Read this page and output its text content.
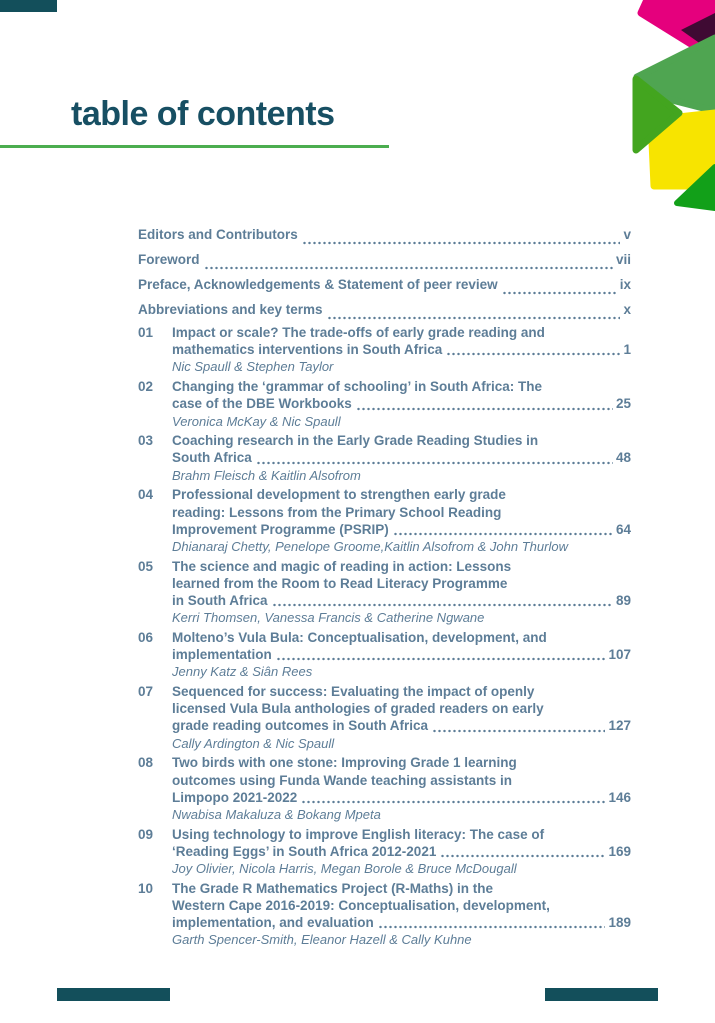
table of contents
Editors and Contributors	v
Foreword	vii
Preface, Acknowledgements & Statement of peer review	ix
Abbreviations and key terms	x
01	Impact or scale? The trade-offs of early grade reading and
mathematics interventions in South Africa	1
Nic Spaull & Stephen Taylor
02	Changing the ‘grammar of schooling’ in South Africa: The
case of the DBE Workbooks	25
Veronica McKay & Nic Spaull
03	Coaching research in the Early Grade Reading Studies in
South Africa	48
Brahm Fleisch & Kaitlin Alsofrom
04	Professional development to strengthen early grade
reading: Lessons from the Primary School Reading
Improvement Programme (PSRIP)	64
Dhianaraj Chetty, Penelope Groome,Kaitlin Alsofrom & John Thurlow
05	The science and magic of reading in action: Lessons
learned from the Room to Read Literacy Programme
in South Africa	89
Kerri Thomsen, Vanessa Francis & Catherine Ngwane
06	Molteno’s Vula Bula: Conceptualisation, development, and
implementation	107
Jenny Katz & Siân Rees
07	Sequenced for success: Evaluating the impact of openly
licensed Vula Bula anthologies of graded readers on early
grade reading outcomes in South Africa	127
Cally Ardington & Nic Spaull
08	Two birds with one stone: Improving Grade 1 learning
outcomes using Funda Wande teaching assistants in
Limpopo 2021-2022	146
Nwabisa Makaluza & Bokang Mpeta
09	Using technology to improve English literacy: The case of
‘Reading Eggs’ in South Africa 2012-2021	169
Joy Olivier, Nicola Harris, Megan Borole & Bruce McDougall
10	The Grade R Mathematics Project (R-Maths) in the
Western Cape 2016-2019: Conceptualisation, development,
implementation, and evaluation	189
Garth Spencer-Smith, Eleanor Hazell & Cally Kuhne
